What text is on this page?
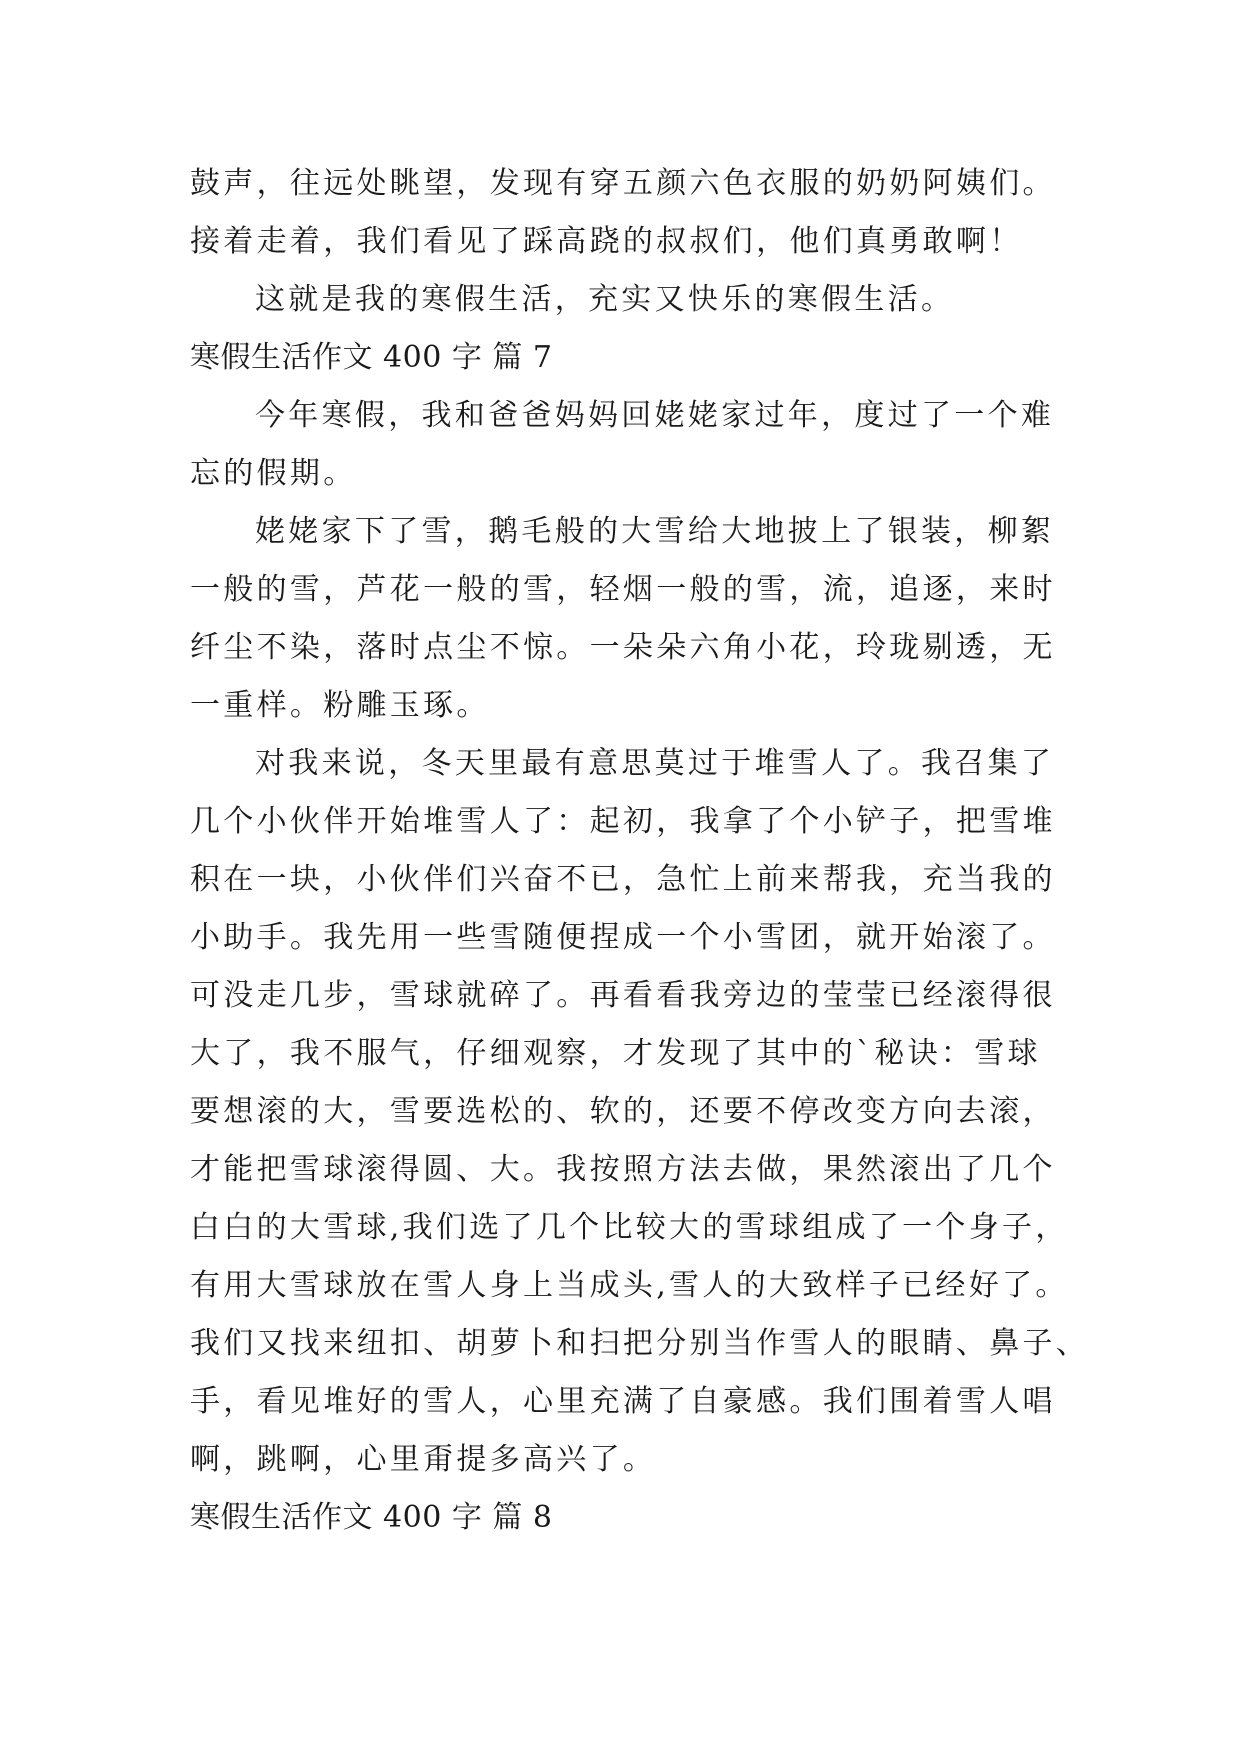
鼓声，往远处眺望，发现有穿五颜六色衣服的奶奶阿姨们。
接着走着，我们看见了踩高跷的叔叔们，他们真勇敢啊！
这就是我的寒假生活，充实又快乐的寒假生活。
寒假生活作文 400 字 篇 7
今年寒假，我和爸爸妈妈回姥姥家过年，度过了一个难
忘的假期。
姥姥家下了雪，鹅毛般的大雪给大地披上了银装，柳絮
一般的雪，芦花一般的雪，轻烟一般的雪，流，追逐，来时
纤尘不染，落时点尘不惊。一朵朵六角小花，玲珑剔透，无
一重样。粉雕玉琢。
对我来说，冬天里最有意思莫过于堆雪人了。我召集了
几个小伙伴开始堆雪人了：起初，我拿了个小铲子，把雪堆
积在一块，小伙伴们兴奋不已，急忙上前来帮我，充当我的
小助手。我先用一些雪随便捏成一个小雪团，就开始滚了。
可没走几步，雪球就碎了。再看看我旁边的莹莹已经滚得很
大了，我不服气，仔细观察，才发现了其中的`秘诀：雪球
要想滚的大，雪要选松的、软的，还要不停改变方向去滚，
才能把雪球滚得圆、大。我按照方法去做，果然滚出了几个
白白的大雪球,我们选了几个比较大的雪球组成了一个身子，
有用大雪球放在雪人身上当成头,雪人的大致样子已经好了。
我们又找来纽扣、胡萝卜和扫把分别当作雪人的眼睛、鼻子、
手，看见堆好的雪人，心里充满了自豪感。我们围着雪人唱
啊，跳啊，心里甭提多高兴了。
寒假生活作文 400 字 篇 8
